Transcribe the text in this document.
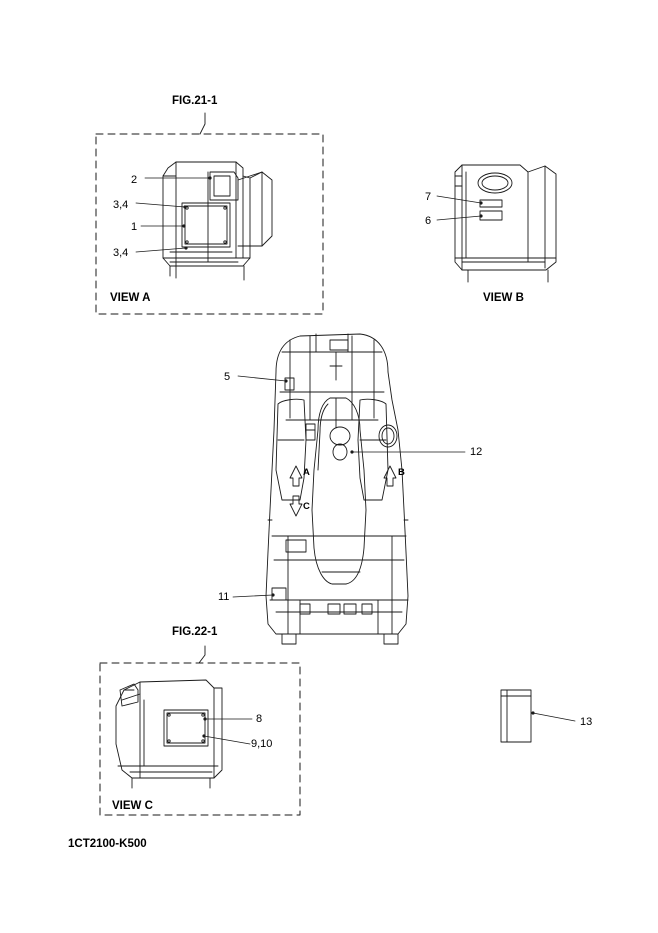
FIG.21-1
FIG.22-1
VIEW A	VIEW B
VIEW C
2
3,4
1
3,4
7
6
5
12
11
8
9,10
13
A	B
C
1CT2100-K500
